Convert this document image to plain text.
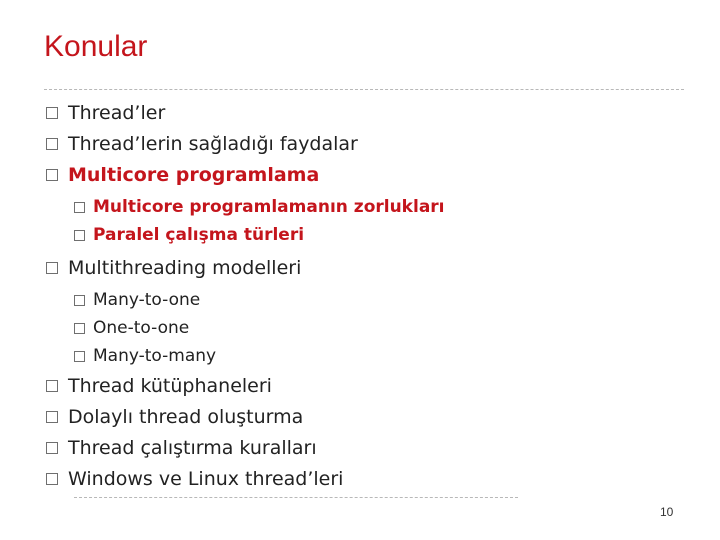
Konular
Thread’ler
Thread’lerin sağladığı faydalar
Multicore programlama
Multicore programlamanın zorlukları
Paralel çalışma türleri
Multithreading modelleri
Many-to-one
One-to-one
Many-to-many
Thread kütüphaneleri
Dolaylı thread oluşturma
Thread çalıştırma kuralları
Windows ve Linux thread’leri
10
